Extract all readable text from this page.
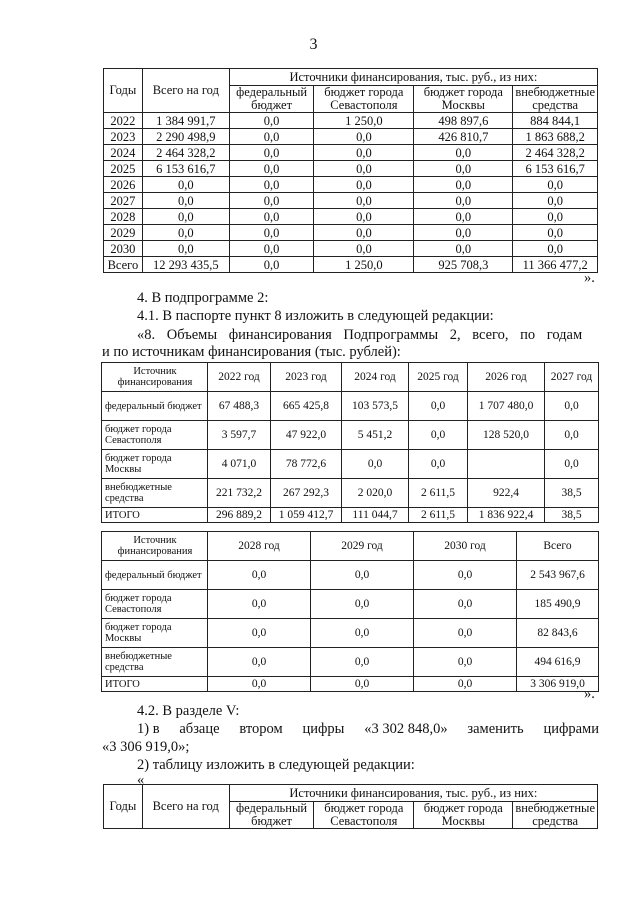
3
Годы	Всего на год	Источники финансирования, тыс. руб., из них:			
		федеральный бюджет	бюджет города Севастополя	бюджет города Москвы	внебюджетные средства
2022	1 384 991,7	0,0	1 250,0	498 897,6	884 844,1
2023	2 290 498,9	0,0	0,0	426 810,7	1 863 688,2
2024	2 464 328,2	0,0	0,0	0,0	2 464 328,2
2025	6 153 616,7	0,0	0,0	0,0	6 153 616,7
2026	0,0	0,0	0,0	0,0	0,0
2027	0,0	0,0	0,0	0,0	0,0
2028	0,0	0,0	0,0	0,0	0,0
2029	0,0	0,0	0,0	0,0	0,0
2030	0,0	0,0	0,0	0,0	0,0
Всего	12 293 435,5	0,0	1 250,0	925 708,3	11 366 477,2
».
4. В подпрограмме 2:
4.1. В паспорте пункт 8 изложить в следующей редакции:
«8. Объемы финансирования Подпрограммы 2, всего, по годам
и по источникам финансирования (тыс. рублей):
Источник финансирования	2022 год	2023 год	2024 год	2025 год	2026 год	2027 год
федеральный бюджет	67 488,3	665 425,8	103 573,5	0,0	1 707 480,0	0,0
бюджет города Севастополя	3 597,7	47 922,0	5 451,2	0,0	128 520,0	0,0
бюджет города Москвы	4 071,0	78 772,6	0,0	0,0		0,0
внебюджетные средства	221 732,2	267 292,3	2 020,0	2 611,5	922,4	38,5
ИТОГО	296 889,2	1 059 412,7	111 044,7	2 611,5	1 836 922,4	38,5
Источник финансирования	2028 год	2029 год	2030 год	Всего
федеральный бюджет	0,0	0,0	0,0	2 543 967,6
бюджет города Севастополя	0,0	0,0	0,0	185 490,9
бюджет города Москвы	0,0	0,0	0,0	82 843,6
внебюджетные средства	0,0	0,0	0,0	494 616,9
ИТОГО	0,0	0,0	0,0	3 306 919,0
».
4.2. В разделе V:
1) в абзаце втором цифры «3 302 848,0» заменить цифрами
«3 306 919,0»;
2) таблицу изложить в следующей редакции:
«
Годы	Всего на год	Источники финансирования, тыс. руб., из них:			
		федеральный бюджет	бюджет города Севастополя	бюджет города Москвы	внебюджетные средства
